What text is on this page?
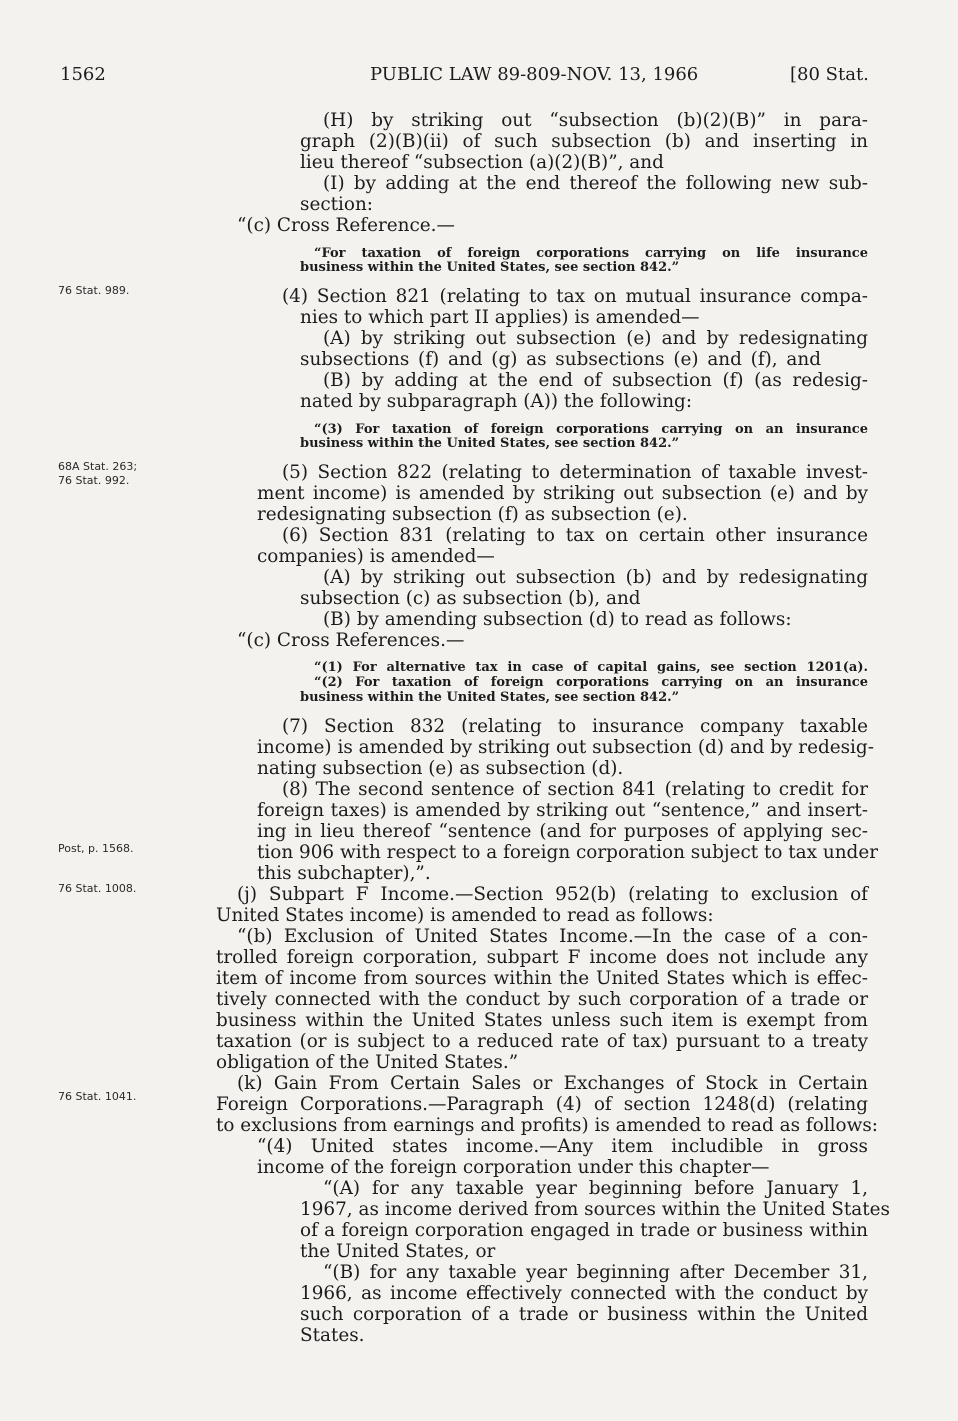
1562	PUBLIC LAW 89-809-NOV. 13, 1966	[80 Stat.
76 Stat. 989.
68A Stat. 263;
76 Stat. 992.
Post, p. 1568.
76 Stat. 1008.
76 Stat. 1041.
(H) by striking out “subsection (b)(2)(B)” in para-
graph (2)(B)(ii) of such subsection (b) and inserting in
lieu thereof “subsection (a)(2)(B)”, and
(I) by adding at the end thereof the following new sub-
section:
“(c) Cross Reference.—
“For taxation of foreign corporations carrying on life insurance
business within the United States, see section 842.”
(4) Section 821 (relating to tax on mutual insurance compa-
nies to which part II applies) is amended—
(A) by striking out subsection (e) and by redesignating
subsections (f) and (g) as subsections (e) and (f), and
(B) by adding at the end of subsection (f) (as redesig-
nated by subparagraph (A)) the following:
“(3) For taxation of foreign corporations carrying on an insurance
business within the United States, see section 842.”
(5) Section 822 (relating to determination of taxable invest-
ment income) is amended by striking out subsection (e) and by
redesignating subsection (f) as subsection (e).
(6) Section 831 (relating to tax on certain other insurance
companies) is amended—
(A) by striking out subsection (b) and by redesignating
subsection (c) as subsection (b), and
(B) by amending subsection (d) to read as follows:
“(c) Cross References.—
“(1) For alternative tax in case of capital gains, see section 1201(a).
“(2) For taxation of foreign corporations carrying on an insurance
business within the United States, see section 842.”
(7) Section 832 (relating to insurance company taxable
income) is amended by striking out subsection (d) and by redesig-
nating subsection (e) as subsection (d).
(8) The second sentence of section 841 (relating to credit for
foreign taxes) is amended by striking out “sentence,” and insert-
ing in lieu thereof “sentence (and for purposes of applying sec-
tion 906 with respect to a foreign corporation subject to tax under
this subchapter),”.
(j) Subpart F Income.—Section 952(b) (relating to exclusion of
United States income) is amended to read as follows:
“(b) Exclusion of United States Income.—In the case of a con-
trolled foreign corporation, subpart F income does not include any
item of income from sources within the United States which is effec-
tively connected with the conduct by such corporation of a trade or
business within the United States unless such item is exempt from
taxation (or is subject to a reduced rate of tax) pursuant to a treaty
obligation of the United States.”
(k) Gain From Certain Sales or Exchanges of Stock in Certain
Foreign Corporations.—Paragraph (4) of section 1248(d) (relating
to exclusions from earnings and profits) is amended to read as follows:
“(4) United states income.—Any item includible in gross
income of the foreign corporation under this chapter—
“(A) for any taxable year beginning before January 1,
1967, as income derived from sources within the United States
of a foreign corporation engaged in trade or business within
the United States, or
“(B) for any taxable year beginning after December 31,
1966, as income effectively connected with the conduct by
such corporation of a trade or business within the United
States.
